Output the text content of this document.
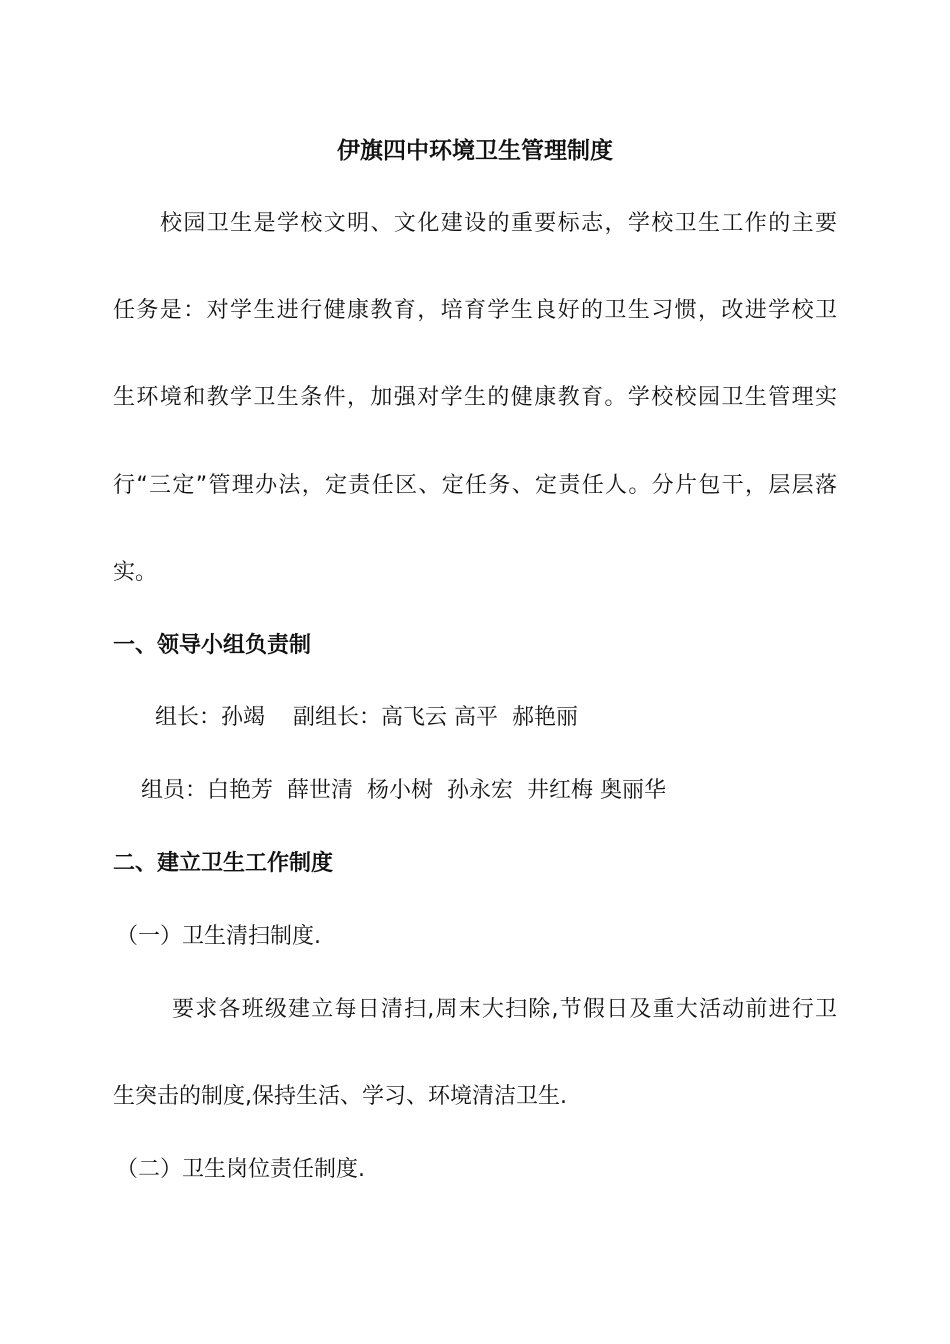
伊旗四中环境卫生管理制度
校园卫生是学校文明、文化建设的重要标志，学校卫生工作的主要
任务是：对学生进行健康教育，培育学生良好的卫生习惯，改进学校卫
生环境和教学卫生条件，加强对学生的健康教育。学校校园卫生管理实
行“三定”管理办法，定责任区、定任务、定责任人。分片包干，层层落
实。
一、领导小组负责制
组长：孙竭 副组长：高飞云 高平  郝艳丽
组员：白艳芳  薛世清  杨小树  孙永宏  井红梅 奥丽华
二、建立卫生工作制度
（一）卫生清扫制度.
要求各班级建立每日清扫,周末大扫除,节假日及重大活动前进行卫
生突击的制度,保持生活、学习、环境清洁卫生.
（二）卫生岗位责任制度.
